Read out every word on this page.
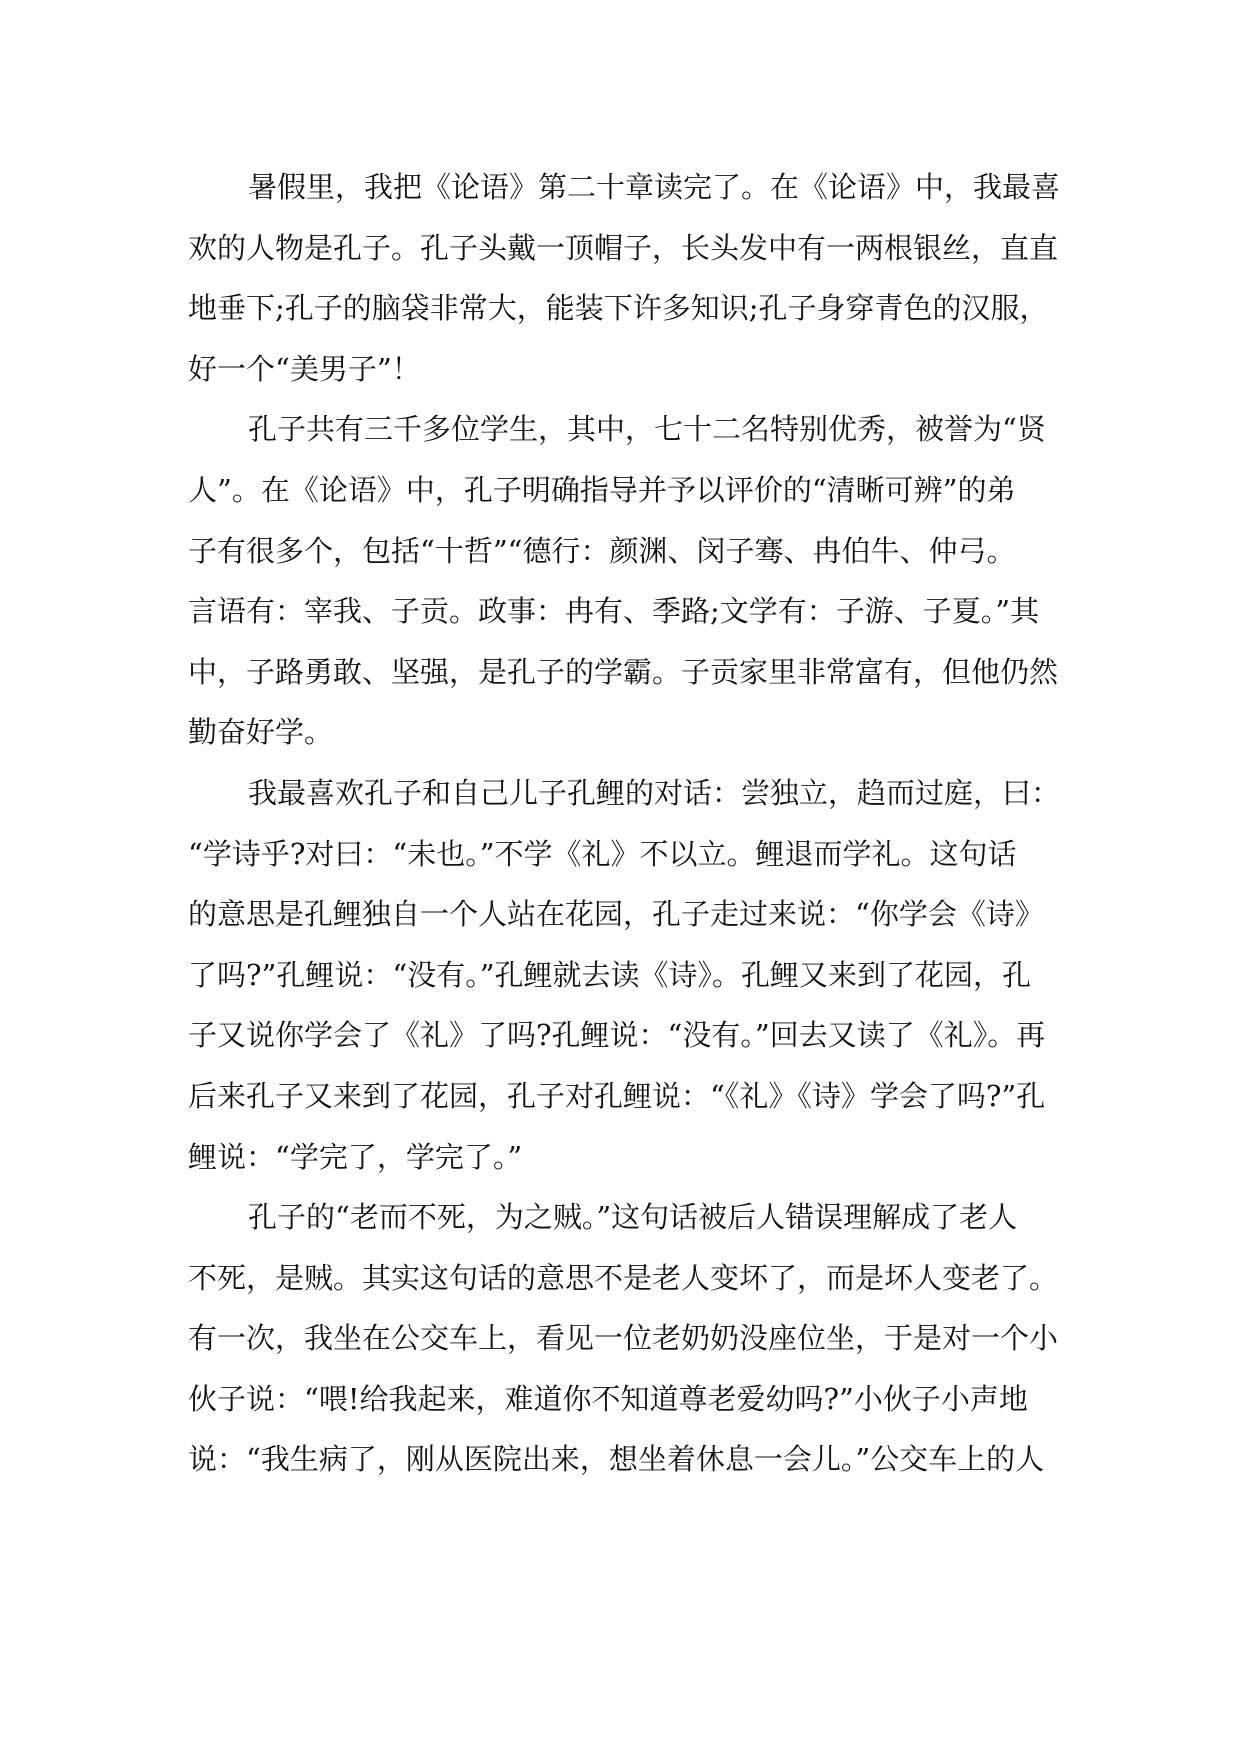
暑假里，我把《论语》第二十章读完了。在《论语》中，我最喜
欢的人物是孔子。孔子头戴一顶帽子，长头发中有一两根银丝，直直
地垂下;孔子的脑袋非常大，能装下许多知识;孔子身穿青色的汉服，
好一个“美男子”！
孔子共有三千多位学生，其中，七十二名特别优秀，被誉为“贤
人”。在《论语》中，孔子明确指导并予以评价的“清晰可辨”的弟
子有很多个，包括“十哲”“德行：颜渊、闵子骞、冉伯牛、仲弓。
言语有：宰我、子贡。政事：冉有、季路;文学有：子游、子夏。”其
中，子路勇敢、坚强，是孔子的学霸。子贡家里非常富有，但他仍然
勤奋好学。
我最喜欢孔子和自己儿子孔鲤的对话：尝独立，趋而过庭，曰：
“学诗乎?对曰：“未也。”不学《礼》不以立。鲤退而学礼。这句话
的意思是孔鲤独自一个人站在花园，孔子走过来说：“你学会《诗》
了吗?”孔鲤说：“没有。”孔鲤就去读《诗》。孔鲤又来到了花园，孔
子又说你学会了《礼》了吗?孔鲤说：“没有。”回去又读了《礼》。再
后来孔子又来到了花园，孔子对孔鲤说：“《礼》《诗》学会了吗?”孔
鲤说：“学完了，学完了。”
孔子的“老而不死，为之贼。”这句话被后人错误理解成了老人
不死，是贼。其实这句话的意思不是老人变坏了，而是坏人变老了。
有一次，我坐在公交车上，看见一位老奶奶没座位坐，于是对一个小
伙子说：“喂!给我起来，难道你不知道尊老爱幼吗?”小伙子小声地
说：“我生病了，刚从医院出来，想坐着休息一会儿。”公交车上的人
